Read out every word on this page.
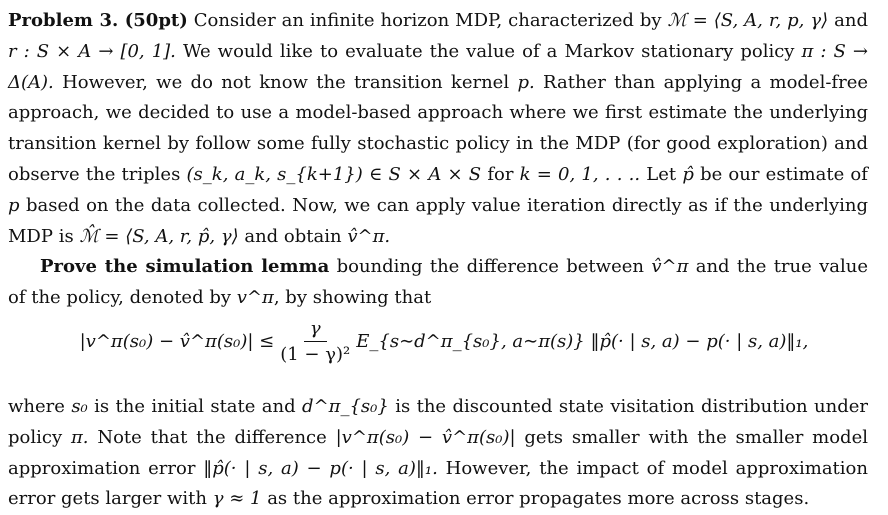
Problem 3. (50pt) Consider an infinite horizon MDP, characterized by ℳ = ⟨S, A, r, p, γ⟩ and r : S × A → [0, 1]. We would like to evaluate the value of a Markov stationary policy π : S → Δ(A). However, we do not know the transition kernel p. Rather than applying a model-free approach, we decided to use a model-based approach where we first estimate the underlying transition kernel by follow some fully stochastic policy in the MDP (for good exploration) and observe the triples (s_k, a_k, s_{k+1}) ∈ S × A × S for k = 0, 1, . . .. Let p̂ be our estimate of p based on the data collected. Now, we can apply value iteration directly as if the underlying MDP is ℳ̂ = ⟨S, A, r, p̂, γ⟩ and obtain v̂^π.
Prove the simulation lemma bounding the difference between v̂^π and the true value of the policy, denoted by v^π, by showing that
|v^π(s₀) − v̂^π(s₀)| ≤ $\frac{\gamma}{\text{(1 − γ)²}}$ E_{s∼d^π_{s₀}, a∼π(s)} ‖p̂(· | s, a) − p(· | s, a)‖₁,
where s₀ is the initial state and d^π_{s₀} is the discounted state visitation distribution under policy π. Note that the difference |v^π(s₀) − v̂^π(s₀)| gets smaller with the smaller model approximation error ‖p̂(· | s, a) − p(· | s, a)‖₁. However, the impact of model approximation error gets larger with γ ≈ 1 as the approximation error propagates more across stages.
